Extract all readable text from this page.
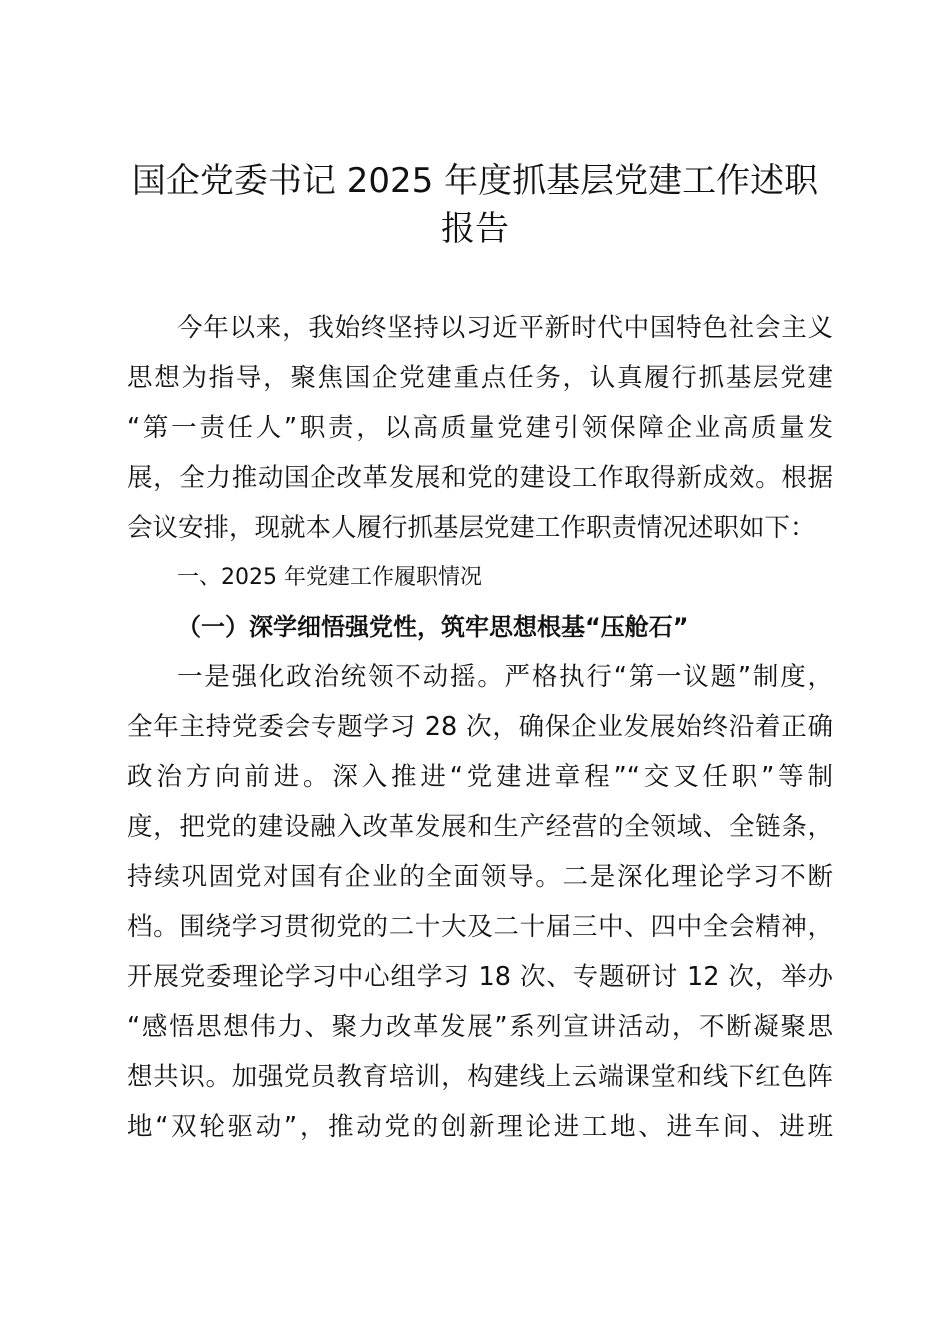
国企党委书记 2025 年度抓基层党建工作述职
报告
今年以来，我始终坚持以习近平新时代中国特色社会主义
思想为指导，聚焦国企党建重点任务，认真履行抓基层党建
“第一责任人”职责，以高质量党建引领保障企业高质量发
展，全力推动国企改革发展和党的建设工作取得新成效。根据
会议安排，现就本人履行抓基层党建工作职责情况述职如下：
一、2025 年党建工作履职情况
（一）深学细悟强党性，筑牢思想根基“压舱石”
一是强化政治统领不动摇。严格执行“第一议题”制度，
全年主持党委会专题学习 28 次，确保企业发展始终沿着正确
政治方向前进。深入推进“党建进章程”“交叉任职”等制
度，把党的建设融入改革发展和生产经营的全领域、全链条，
持续巩固党对国有企业的全面领导。二是深化理论学习不断
档。围绕学习贯彻党的二十大及二十届三中、四中全会精神，
开展党委理论学习中心组学习 18 次、专题研讨 12 次，举办
“感悟思想伟力、聚力改革发展”系列宣讲活动，不断凝聚思
想共识。加强党员教育培训，构建线上云端课堂和线下红色阵
地“双轮驱动”，推动党的创新理论进工地、进车间、进班
